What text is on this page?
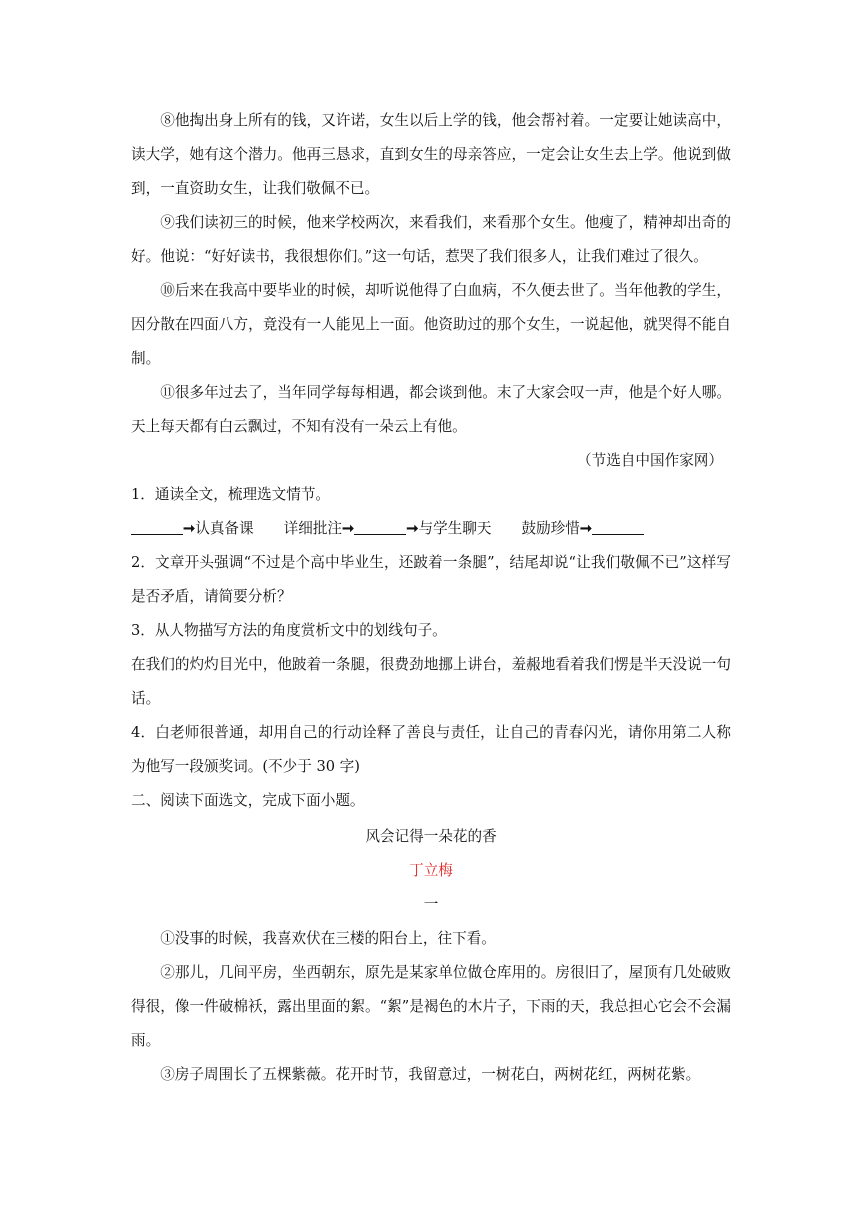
⑧他掏出身上所有的钱，又许诺，女生以后上学的钱，他会帮衬着。一定要让她读高中，读大学，她有这个潜力。他再三恳求，直到女生的母亲答应，一定会让女生去上学。他说到做到，一直资助女生，让我们敬佩不已。

⑨我们读初三的时候，他来学校两次，来看我们，来看那个女生。他瘦了，精神却出奇的好。他说：“好好读书，我很想你们。”这一句话，惹哭了我们很多人，让我们难过了很久。

⑩后来在我高中要毕业的时候，却听说他得了白血病，不久便去世了。当年他教的学生，因分散在四面八方，竟没有一人能见上一面。他资助过的那个女生，一说起他，就哭得不能自制。

⑪很多年过去了，当年同学每每相遇，都会谈到他。末了大家会叹一声，他是个好人哪。天上每天都有白云飘过，不知有没有一朵云上有他。

（节选自中国作家网）

1．通读全文，梳理选文情节。

➞认真备课 详细批注➞	➞与学生聊天 鼓励珍惜➞

2．文章开头强调“不过是个高中毕业生，还跛着一条腿”，结尾却说“让我们敬佩不已”这样写是否矛盾，请简要分析？

3．从人物描写方法的角度赏析文中的划线句子。

在我们的灼灼目光中，他跛着一条腿，很费劲地挪上讲台，羞赧地看着我们愣是半天没说一句话。

4．白老师很普通，却用自己的行动诠释了善良与责任，让自己的青春闪光，请你用第二人称为他写一段颁奖词。(不少于 30 字)

二、阅读下面选文，完成下面小题。

风会记得一朵花的香

丁立梅

一

①没事的时候，我喜欢伏在三楼的阳台上，往下看。

②那儿，几间平房，坐西朝东，原先是某家单位做仓库用的。房很旧了，屋顶有几处破败得很，像一件破棉袄，露出里面的絮。“絮”是褐色的木片子，下雨的天，我总担心它会不会漏雨。

③房子周围长了五棵紫薇。花开时节，我留意过，一树花白，两树花红，两树花紫。
